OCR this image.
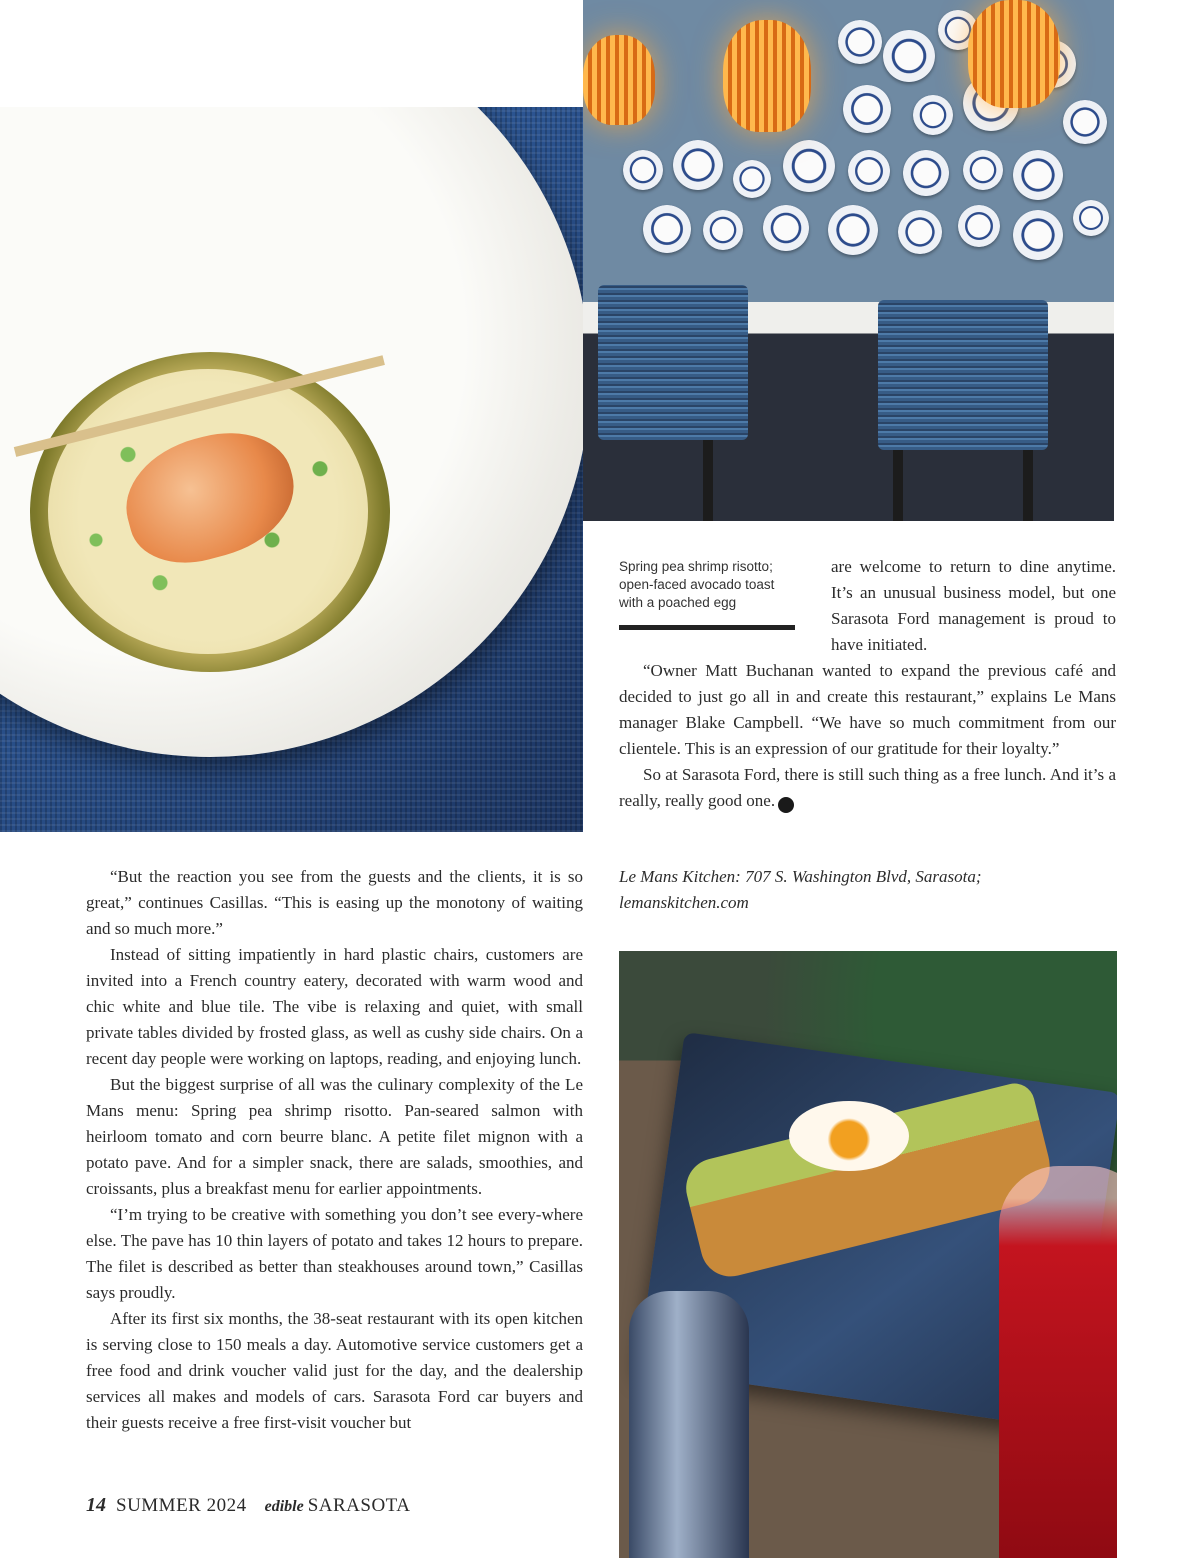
Spring pea shrimp risotto; open-faced avocado toast with a poached egg

are welcome to return to dine anytime. It’s an unusual business model, but one Sarasota Ford management is proud to have initiated.

“Owner Matt Buchanan wanted to expand the previous café and decided to just go all in and create this restaurant,” explains Le Mans manager Blake Campbell. “We have so much commitment from our clientele. This is an expression of our gratitude for their loyalty.”

So at Sarasota Ford, there is still such thing as a free lunch. And it’s a really, really good one. e

Le Mans Kitchen: 707 S. Washington Blvd, Sarasota;

lemanskitchen.com

“But the reaction you see from the guests and the clients, it is so great,” continues Casillas. “This is easing up the monotony of waiting and so much more.”

Instead of sitting impatiently in hard plastic chairs, customers are invited into a French country eatery, decorated with warm wood and chic white and blue tile. The vibe is relaxing and quiet, with small private tables divided by frosted glass, as well as cushy side chairs. On a recent day people were working on laptops, reading, and enjoying lunch.

But the biggest surprise of all was the culinary complexity of the Le Mans menu: Spring pea shrimp risotto. Pan-seared salmon with heirloom tomato and corn beurre blanc. A petite filet mignon with a potato pave. And for a simpler snack, there are salads, smoothies, and croissants, plus a breakfast menu for earlier appointments.

“I’m trying to be creative with something you don’t see every-where else. The pave has 10 thin layers of potato and takes 12 hours to prepare. The filet is described as better than steakhouses around town,” Casillas says proudly.

After its first six months, the 38-seat restaurant with its open kitchen is serving close to 150 meals a day. Automotive service customers get a free food and drink voucher valid just for the day, and the dealership services all makes and models of cars. Sarasota Ford car buyers and their guests receive a free first-visit voucher but

14 SUMMER 2024 edible SARASOTA
